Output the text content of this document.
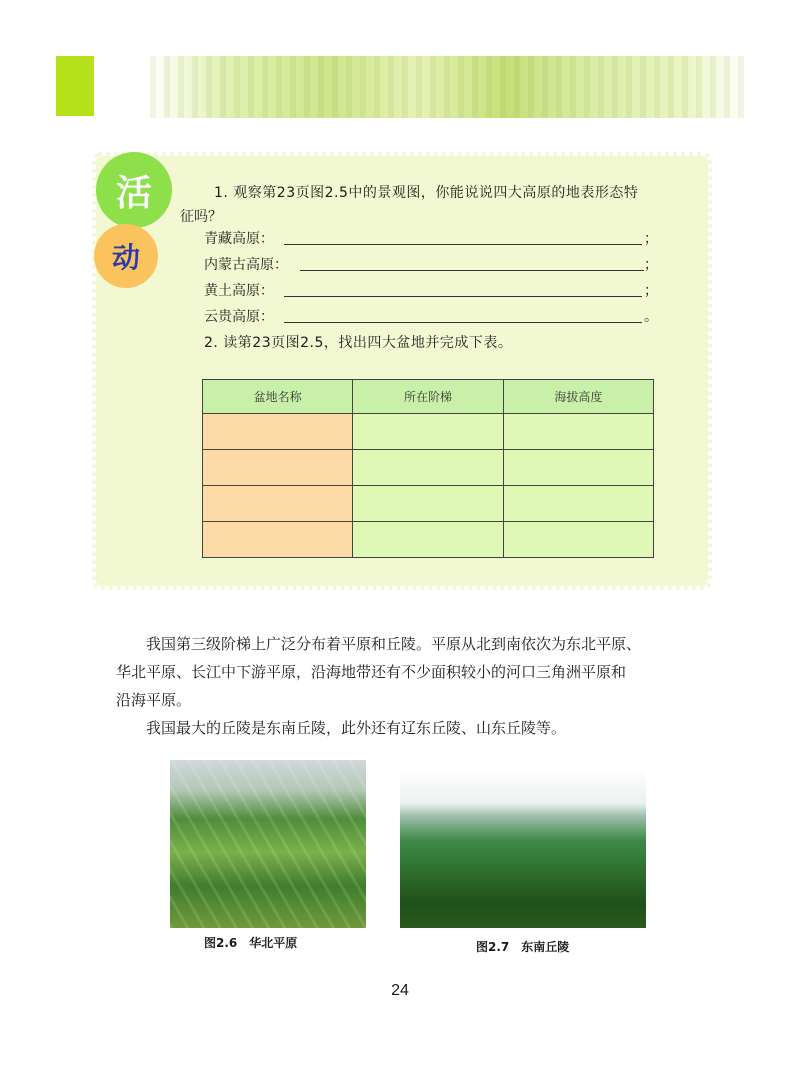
活
动
1. 观察第23页图2.5中的景观图，你能说说四大高原的地表形态特
征吗？
青藏高原：	；
内蒙古高原：	；
黄土高原：	；
云贵高原：	。
2. 读第23页图2.5，找出四大盆地并完成下表。
盆地名称	所在阶梯	海拔高度

我国第三级阶梯上广泛分布着平原和丘陵。平原从北到南依次为东北平原、
华北平原、长江中下游平原，沿海地带还有不少面积较小的河口三角洲平原和
沿海平原。
我国最大的丘陵是东南丘陵，此外还有辽东丘陵、山东丘陵等。
图2.6　华北平原	图2.7　东南丘陵
24
